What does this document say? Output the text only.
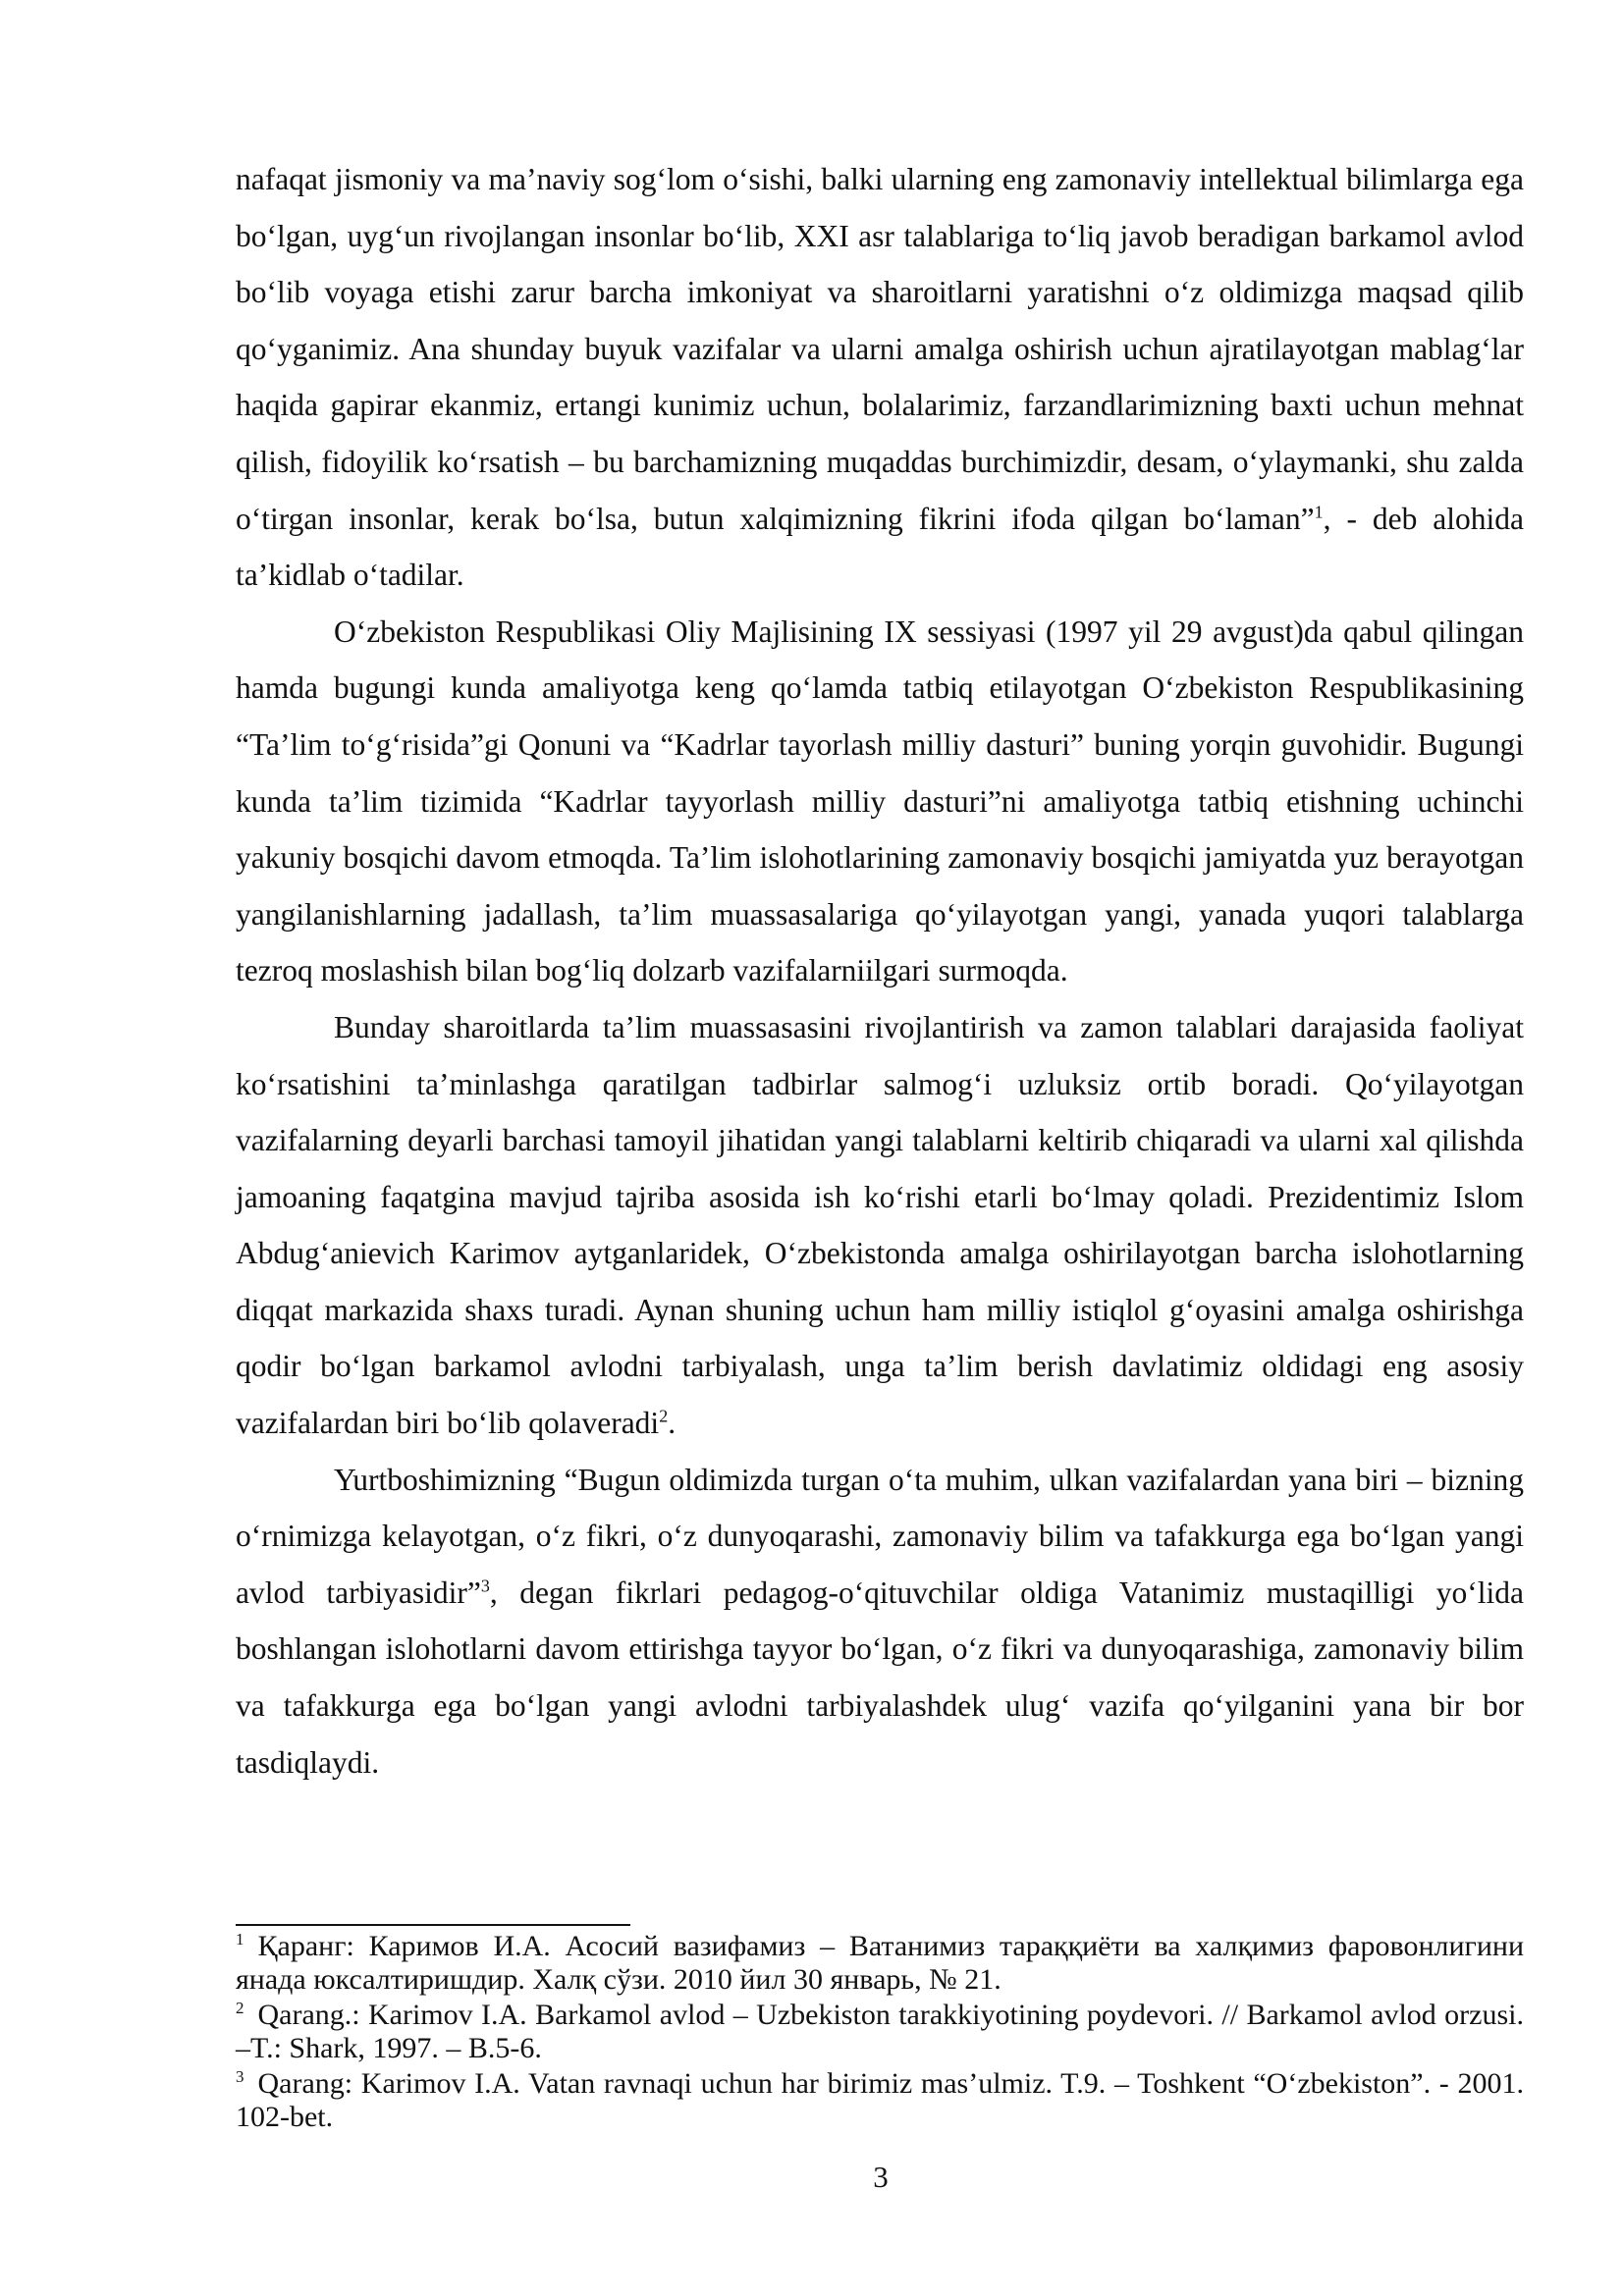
nafaqat jismoniy va ma’naviy sog‘lom o‘sishi, balki ularning eng zamonaviy intellektual bilimlarga ega bo‘lgan, uyg‘un rivojlangan insonlar bo‘lib, XXI asr talablariga to‘liq javob beradigan barkamol avlod bo‘lib voyaga etishi zarur barcha imkoniyat va sharoitlarni yaratishni o‘z oldimizga maqsad qilib qo‘yganimiz. Ana shunday buyuk vazifalar va ularni amalga oshirish uchun ajratilayotgan mablag‘lar haqida gapirar ekanmiz, ertangi kunimiz uchun, bolalarimiz, farzandlarimizning baxti uchun mehnat qilish, fidoyilik ko‘rsatish – bu barchamizning muqaddas burchimizdir, desam, o‘ylaymanki, shu zalda o‘tirgan insonlar, kerak bo‘lsa, butun xalqimizning fikrini ifoda qilgan bo‘laman”$^1$, - deb alohida ta’kidlab o‘tadilar.

O‘zbekiston Respublikasi Oliy Majlisining IX sessiyasi (1997 yil 29 avgust)da qabul qilingan hamda bugungi kunda amaliyotga keng qo‘lamda tatbiq etilayotgan O‘zbekiston Respublikasining “Ta’lim to‘g‘risida”gi Qonuni va “Kadrlar tayorlash milliy dasturi” buning yorqin guvohidir. Bugungi kunda ta’lim tizimida “Kadrlar tayyorlash milliy dasturi”ni amaliyotga tatbiq etishning uchinchi yakuniy bosqichi davom etmoqda. Ta’lim islohotlarining zamonaviy bosqichi jamiyatda yuz berayotgan yangilanishlarning jadallash, ta’lim muassasalariga qo‘yilayotgan yangi, yanada yuqori talablarga tezroq moslashish bilan bog‘liq dolzarb vazifalarniilgari surmoqda.

Bunday sharoitlarda ta’lim muassasasini rivojlantirish va zamon talablari darajasida faoliyat ko‘rsatishini ta’minlashga qaratilgan tadbirlar salmog‘i uzluksiz ortib boradi. Qo‘yilayotgan vazifalarning deyarli barchasi tamoyil jihatidan yangi talablarni keltirib chiqaradi va ularni xal qilishda jamoaning faqatgina mavjud tajriba asosida ish ko‘rishi etarli bo‘lmay qoladi. Prezidentimiz Islom Abdug‘anievich Karimov aytganlaridek, O‘zbekistonda amalga oshirilayotgan barcha islohotlarning diqqat markazida shaxs turadi. Aynan shuning uchun ham milliy istiqlol g‘oyasini amalga oshirishga qodir bo‘lgan barkamol avlodni tarbiyalash, unga ta’lim berish davlatimiz oldidagi eng asosiy vazifalardan biri bo‘lib qolaveradi$^2$.

Yurtboshimizning “Bugun oldimizda turgan o‘ta muhim, ulkan vazifalardan yana biri – bizning o‘rnimizga kelayotgan, o‘z fikri, o‘z dunyoqarashi, zamonaviy bilim va tafakkurga ega bo‘lgan yangi avlod tarbiyasidir”$^3$, degan fikrlari pedagog-o‘qituvchilar oldiga Vatanimiz mustaqilligi yo‘lida boshlangan islohotlarni davom ettirishga tayyor bo‘lgan, o‘z fikri va dunyoqarashiga, zamonaviy bilim va tafakkurga ega bo‘lgan yangi avlodni tarbiyalashdek ulug‘ vazifa qo‘yilganini yana bir bor tasdiqlaydi.

$^1$ Қаранг: Каримов И.А. Асосий вазифамиз – Ватанимиз тараққиёти ва халқимиз фаровонлигини янада юксалтиришдир. Халқ сўзи. 2010 йил 30 январь, № 21.

$^2$ Qarang.: Karimov I.A. Barkamol avlod – Uzbekiston tarakkiyotining poydevori. // Barkamol avlod orzusi. –T.: Shark, 1997. – B.5-6.

$^3$ Qarang: Karimov I.A. Vatan ravnaqi uchun har birimiz mas’ulmiz. T.9. – Toshkent “O‘zbekiston”. - 2001. 102-bet.

3
